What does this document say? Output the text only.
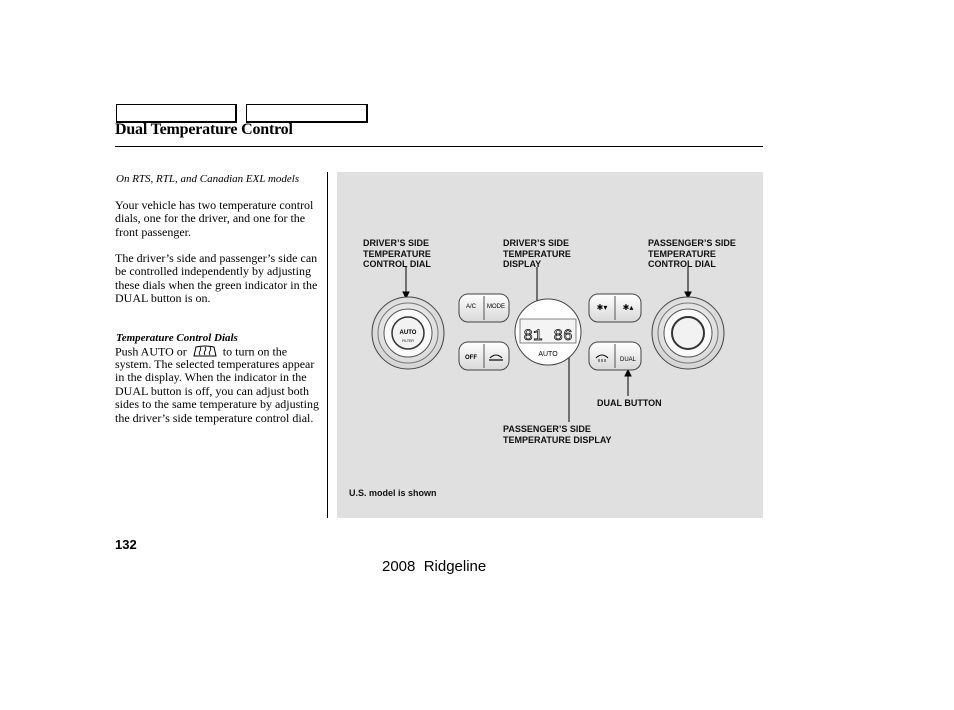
Dual Temperature Control
On RTS, RTL, and Canadian EXL models
Your vehicle has two temperature control dials, one for the driver, and one for the front passenger.
The driver’s side and passenger’s side can be controlled independently by adjusting these dials when the green indicator in the DUAL button is on.
Temperature Control Dials
Push AUTO or	to turn on the
system. The selected temperatures appear in the display. When the indicator in the DUAL button is off, you can adjust both sides to the same temperature by adjusting the driver’s side temperature control dial.
DRIVER’S SIDE TEMPERATURE CONTROL DIAL
DRIVER’S SIDE TEMPERATURE DISPLAY
PASSENGER’S SIDE TEMPERATURE CONTROL DIAL
DUAL BUTTON
PASSENGER’S SIDE TEMPERATURE DISPLAY
U.S. model is shown
AUTO
FILTER
A/C MODE
OFF
81 86
AUTO
✱▾ ✱▴
DUAL
132
2008  Ridgeline
